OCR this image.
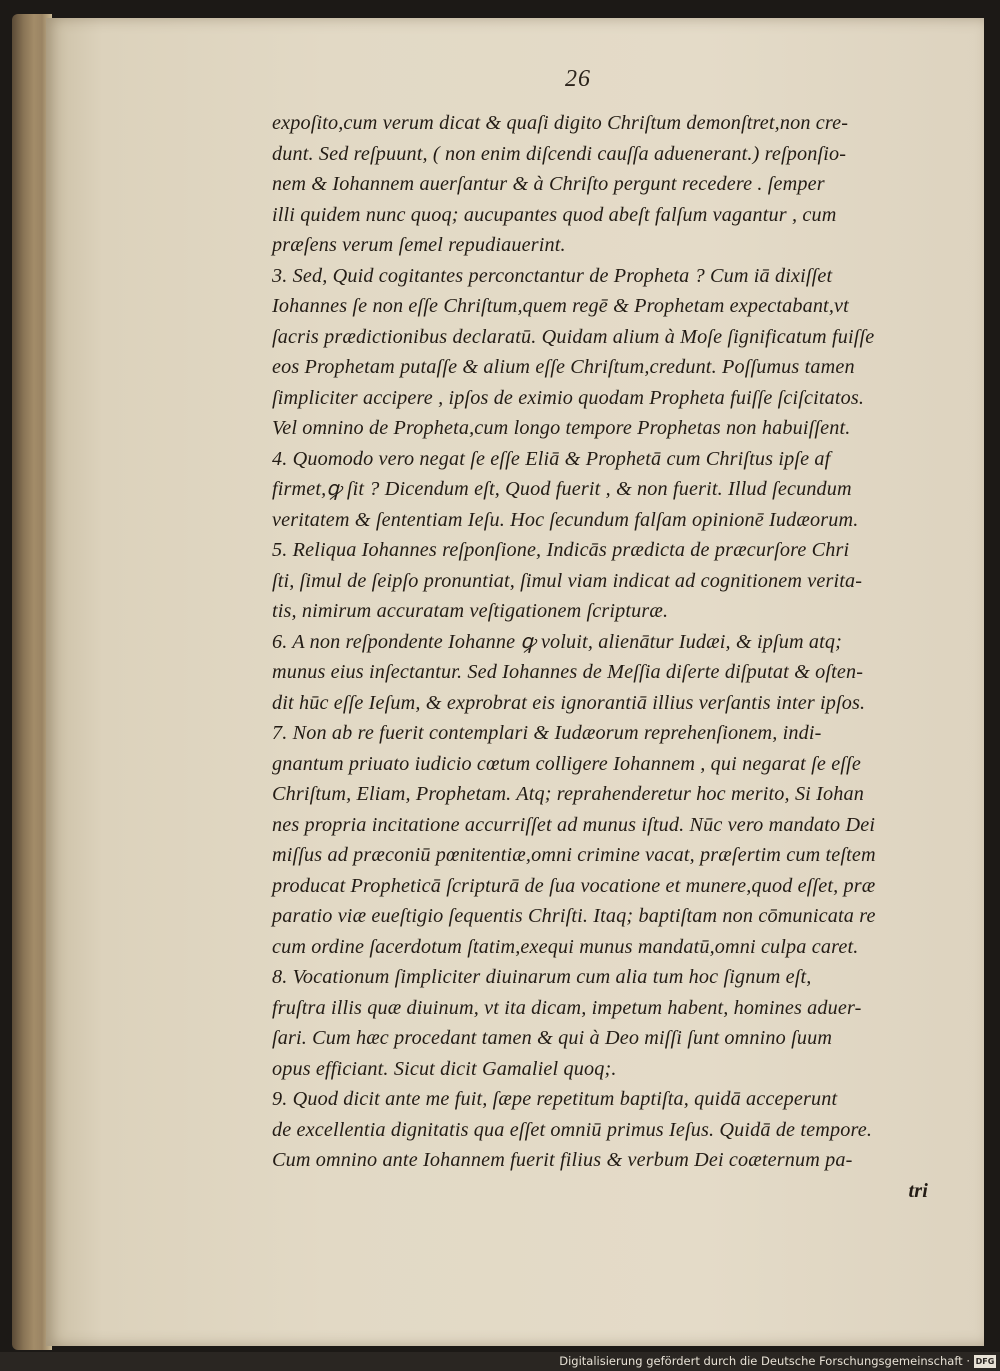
26
expoſito,cum verum dicat & quaſi digito Chriſtum demonſtret,non cre-
dunt. Sed reſpuunt, ( non enim diſcendi cauſſa aduenerant.) reſponſio-
nem & Iohannem auerſantur & à Chriſto pergunt recedere . ſemper
illi quidem nunc quoq; aucupantes quod abeſt falſum vagantur , cum
præſens verum ſemel repudiauerint.
3. Sed, Quid cogitantes perconctantur de Propheta ? Cum iā dixiſſet
Iohannes ſe non eſſe Chriſtum,quem regē & Prophetam expectabant,vt
ſacris prædictionibus declaratū. Quidam alium à Moſe ſignificatum fuiſſe
eos Prophetam putaſſe & alium eſſe Chriſtum,credunt. Poſſumus tamen
ſimpliciter accipere , ipſos de eximio quodam Propheta fuiſſe ſciſcitatos.
Vel omnino de Propheta,cum longo tempore Prophetas non habuiſſent.
4. Quomodo vero negat ſe eſſe Eliā & Prophetā cum Chriſtus ipſe af
firmet,ꝙ ſit ? Dicendum eſt, Quod fuerit , & non fuerit. Illud ſecundum
veritatem & ſententiam Ieſu. Hoc ſecundum falſam opinionē Iudæorum.
5. Reliqua Iohannes reſponſione, Indicās prædicta de præcurſore Chri
ſti, ſimul de ſeipſo pronuntiat, ſimul viam indicat ad cognitionem verita-
tis, nimirum accuratam veſtigationem ſcripturæ.
6. A non reſpondente Iohanne ꝙ voluit, alienātur Iudæi, & ipſum atq;
munus eius inſectantur. Sed Iohannes de Meſſia diſerte diſputat & oſten-
dit hūc eſſe Ieſum, & exprobrat eis ignorantiā illius verſantis inter ipſos.
7. Non ab re fuerit contemplari & Iudæorum reprehenſionem, indi-
gnantum priuato iudicio cœtum colligere Iohannem , qui negarat ſe eſſe
Chriſtum, Eliam, Prophetam. Atq; reprahenderetur hoc merito, Si Iohan
nes propria incitatione accurriſſet ad munus iſtud. Nūc vero mandato Dei
miſſus ad præconiū pœnitentiæ,omni crimine vacat, præſertim cum teſtem
producat Propheticā ſcripturā de ſua vocatione et munere,quod eſſet, præ
paratio viæ eueſtigio ſequentis Chriſti. Itaq; baptiſtam non cōmunicata re
cum ordine ſacerdotum ſtatim,exequi munus mandatū,omni culpa caret.
8. Vocationum ſimpliciter diuinarum cum alia tum hoc ſignum eſt,
fruſtra illis quæ diuinum, vt ita dicam, impetum habent, homines aduer-
ſari. Cum hæc procedant tamen & qui à Deo miſſi ſunt omnino ſuum
opus efficiant. Sicut dicit Gamaliel quoq;.
9. Quod dicit ante me fuit, ſæpe repetitum baptiſta, quidā acceperunt
de excellentia dignitatis qua eſſet omniū primus Ieſus. Quidā de tempore.
Cum omnino ante Iohannem fuerit filius & verbum Dei coæternum pa-
tri
Digitalisierung gefördert durch die Deutsche Forschungsgemeinschaft · DFG
